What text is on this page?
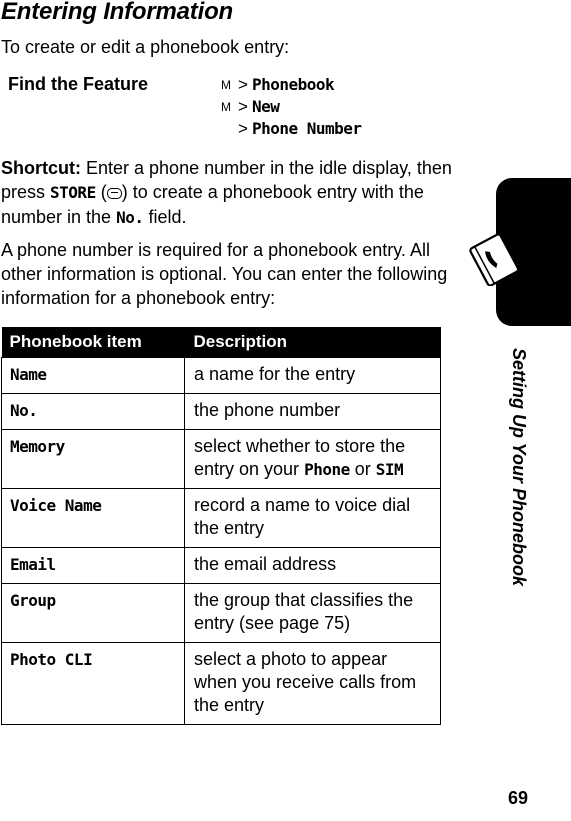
Entering Information
To create or edit a phonebook entry:
Find the Feature	M > Phonebook
M > New
> Phone Number
Shortcut: Enter a phone number in the idle display, then press STORE ( ) to create a phonebook entry with the number in the No. field.
A phone number is required for a phonebook entry. All other information is optional. You can enter the following information for a phonebook entry:
Phonebook item	Description
Name	a name for the entry
No.	the phone number
Memory	select whether to store the entry on your Phone or SIM
Voice Name	record a name to voice dial the entry
Email	the email address
Group	the group that classifies the entry (see page 75)
Photo CLI	select a photo to appear when you receive calls from the entry
Setting Up Your Phonebook
69
